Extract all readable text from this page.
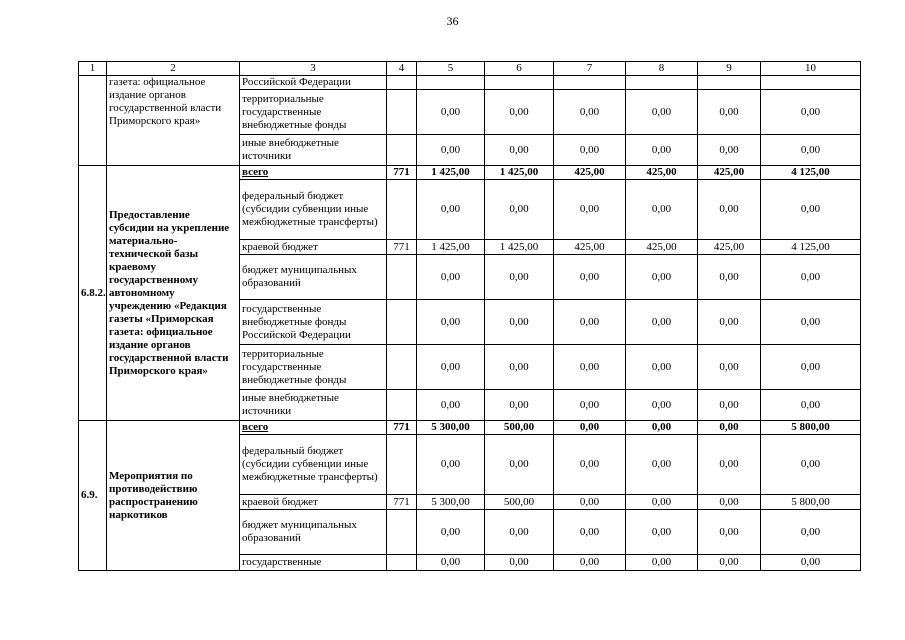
36
1	2	3	4	5	6	7	8	9	10
	газета: официальное издание органов государственной власти Приморского края»	Российской Федерации							
		территориальные государственные внебюджетные фонды		0,00	0,00	0,00	0,00	0,00	0,00
		иные внебюджетные источники		0,00	0,00	0,00	0,00	0,00	0,00
6.8.2.	Предоставление субсидии на укрепление материально-технической базы краевому государственному автономному учреждению «Редакция газеты «Приморская газета: официальное издание органов государственной власти Приморского края»	всего	771	1 425,00	1 425,00	425,00	425,00	425,00	4 125,00
		федеральный бюджет (субсидии субвенции иные межбюджетные трансферты)		0,00	0,00	0,00	0,00	0,00	0,00
		краевой бюджет	771	1 425,00	1 425,00	425,00	425,00	425,00	4 125,00
		бюджет муниципальных образований		0,00	0,00	0,00	0,00	0,00	0,00
		государственные внебюджетные фонды Российской Федерации		0,00	0,00	0,00	0,00	0,00	0,00
		территориальные государственные внебюджетные фонды		0,00	0,00	0,00	0,00	0,00	0,00
		иные внебюджетные источники		0,00	0,00	0,00	0,00	0,00	0,00
6.9.	Мероприятия по противодействию распространению наркотиков	всего	771	5 300,00	500,00	0,00	0,00	0,00	5 800,00
		федеральный бюджет (субсидии субвенции иные межбюджетные трансферты)		0,00	0,00	0,00	0,00	0,00	0,00
		краевой бюджет	771	5 300,00	500,00	0,00	0,00	0,00	5 800,00
		бюджет муниципальных образований		0,00	0,00	0,00	0,00	0,00	0,00
		государственные		0,00	0,00	0,00	0,00	0,00	0,00
